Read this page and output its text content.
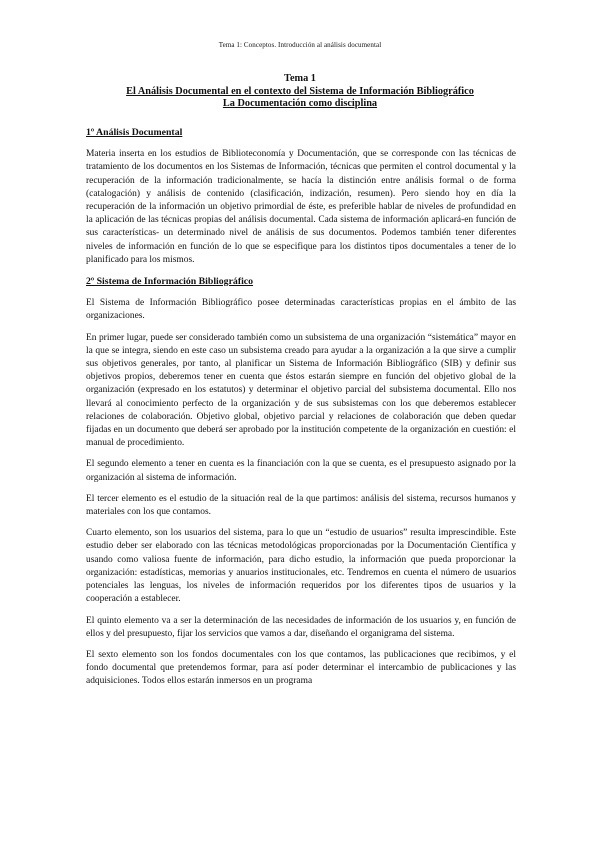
Tema 1: Conceptos. Introducción al análisis documental
Tema 1
El Análisis Documental en el contexto del Sistema de Información Bibliográfico
La Documentación como disciplina
1º Análisis Documental

Materia inserta en los estudios de Biblioteconomía y Documentación, que se corresponde con las técnicas de tratamiento de los documentos en los Sistemas de Información, técnicas que permiten el control documental y la recuperación de la información tradicionalmente, se hacía la distinción entre análisis formal o de forma (catalogación) y análisis de contenido (clasificación, indización, resumen). Pero siendo hoy en día la recuperación de la información un objetivo primordial de éste, es preferible hablar de niveles de profundidad en la aplicación de las técnicas propias del análisis documental. Cada sistema de información aplicará-en función de sus características- un determinado nivel de análisis de sus documentos. Podemos también tener diferentes niveles de información en función de lo que se especifique para los distintos tipos documentales a tener de lo planificado para los mismos.

2º Sistema de Información Bibliográfico

El Sistema de Información Bibliográfico posee determinadas características propias en el ámbito de las organizaciones.

En primer lugar, puede ser considerado también como un subsistema de una organización “sistemática” mayor en la que se integra, siendo en este caso un subsistema creado para ayudar a la organización a la que sirve a cumplir sus objetivos generales, por tanto, al planificar un Sistema de Información Bibliográfico (SIB) y definir sus objetivos propios, deberemos tener en cuenta que éstos estarán siempre en función del objetivo global de la organización (expresado en los estatutos) y determinar el objetivo parcial del subsistema documental. Ello nos llevará al conocimiento perfecto de la organización y de sus subsistemas con los que deberemos establecer relaciones de colaboración. Objetivo global, objetivo parcial y relaciones de colaboración que deben quedar fijadas en un documento que deberá ser aprobado por la institución competente de la organización en cuestión: el manual de procedimiento.

El segundo elemento a tener en cuenta es la financiación con la que se cuenta, es el presupuesto asignado por la organización al sistema de información.

El tercer elemento es el estudio de la situación real de la que partimos: análisis del sistema, recursos humanos y materiales con los que contamos.

Cuarto elemento, son los usuarios del sistema, para lo que un “estudio de usuarios” resulta imprescindible. Este estudio deber ser elaborado con las técnicas metodológicas proporcionadas por la Documentación Científica y usando como valiosa fuente de información, para dicho estudio, la información que pueda proporcionar la organización: estadísticas, memorias y anuarios institucionales, etc. Tendremos en cuenta el número de usuarios potenciales las lenguas, los niveles de información requeridos por los diferentes tipos de usuarios y la cooperación a establecer.

El quinto elemento va a ser la determinación de las necesidades de información de los usuarios y, en función de ellos y del presupuesto, fijar los servicios que vamos a dar, diseñando el organigrama del sistema.

El sexto elemento son los fondos documentales con los que contamos, las publicaciones que recibimos, y el fondo documental que pretendemos formar, para así poder determinar el intercambio de publicaciones y las adquisiciones. Todos ellos estarán inmersos en un programa
